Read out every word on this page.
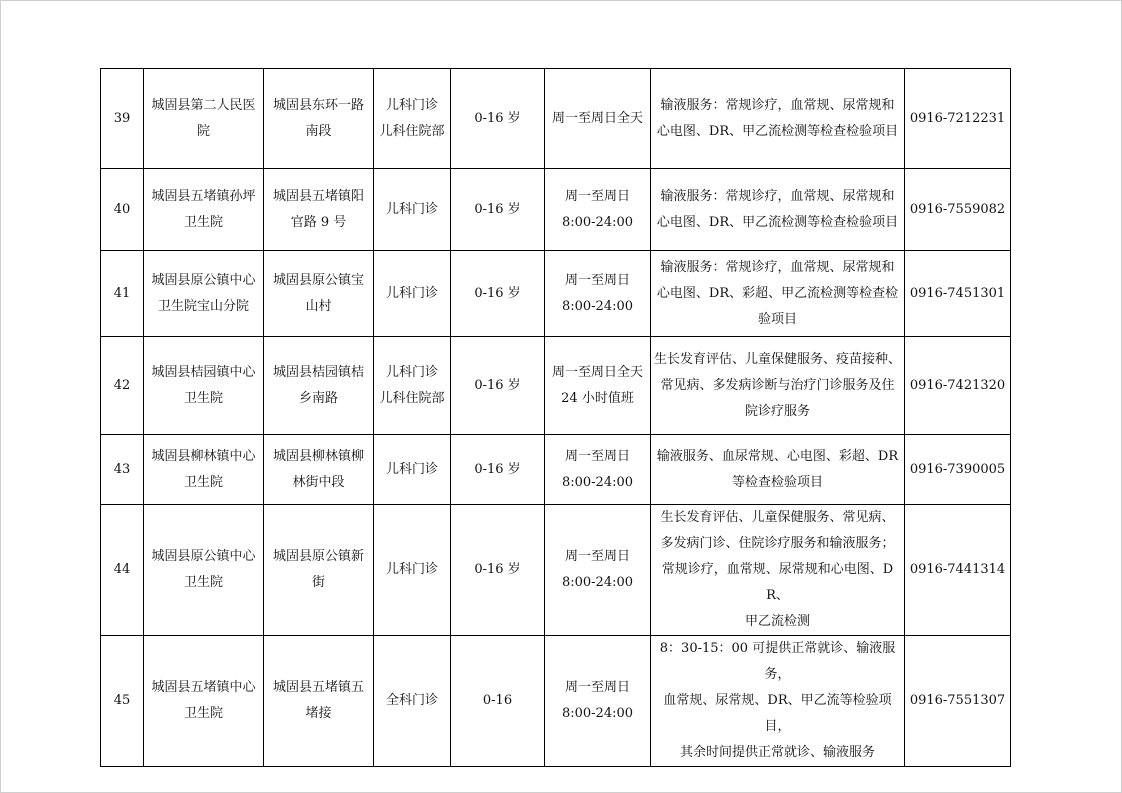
39	城固县第二人民医
院	城固县东环一路
南段	儿科门诊
儿科住院部	0-16 岁	周一至周日全天	输液服务：常规诊疗，血常规、尿常规和
心电图、DR、甲乙流检测等检查检验项目	0916-7212231
40	城固县五堵镇孙坪
卫生院	城固县五堵镇阳
官路 9 号	儿科门诊	0-16 岁	周一至周日
8:00-24:00	输液服务：常规诊疗，血常规、尿常规和
心电图、DR、甲乙流检测等检查检验项目	0916-7559082
41	城固县原公镇中心
卫生院宝山分院	城固县原公镇宝
山村	儿科门诊	0-16 岁	周一至周日
8:00-24:00	输液服务：常规诊疗，血常规、尿常规和
心电图、DR、彩超、甲乙流检测等检查检
验项目	0916-7451301
42	城固县桔园镇中心
卫生院	城固县桔园镇桔
乡南路	儿科门诊
儿科住院部	0-16 岁	周一至周日全天
24 小时值班	生长发育评估、儿童保健服务、疫苗接种、
常见病、多发病诊断与治疗门诊服务及住
院诊疗服务	0916-7421320
43	城固县柳林镇中心
卫生院	城固县柳林镇柳
林街中段	儿科门诊	0-16 岁	周一至周日
8:00-24:00	输液服务、血尿常规、心电图、彩超、DR
等检查检验项目	0916-7390005
44	城固县原公镇中心
卫生院	城固县原公镇新
街	儿科门诊	0-16 岁	周一至周日
8:00-24:00	生长发育评估、儿童保健服务、常见病、
多发病门诊、住院诊疗服务和输液服务；
常规诊疗，血常规、尿常规和心电图、DR、
甲乙流检测	0916-7441314
45	城固县五堵镇中心
卫生院	城固县五堵镇五
堵接	全科门诊	0-16	周一至周日
8:00-24:00	8：30-15：00 可提供正常就诊、输液服务，
血常规、尿常规、DR、甲乙流等检验项目，
其余时间提供正常就诊、输液服务	0916-7551307
